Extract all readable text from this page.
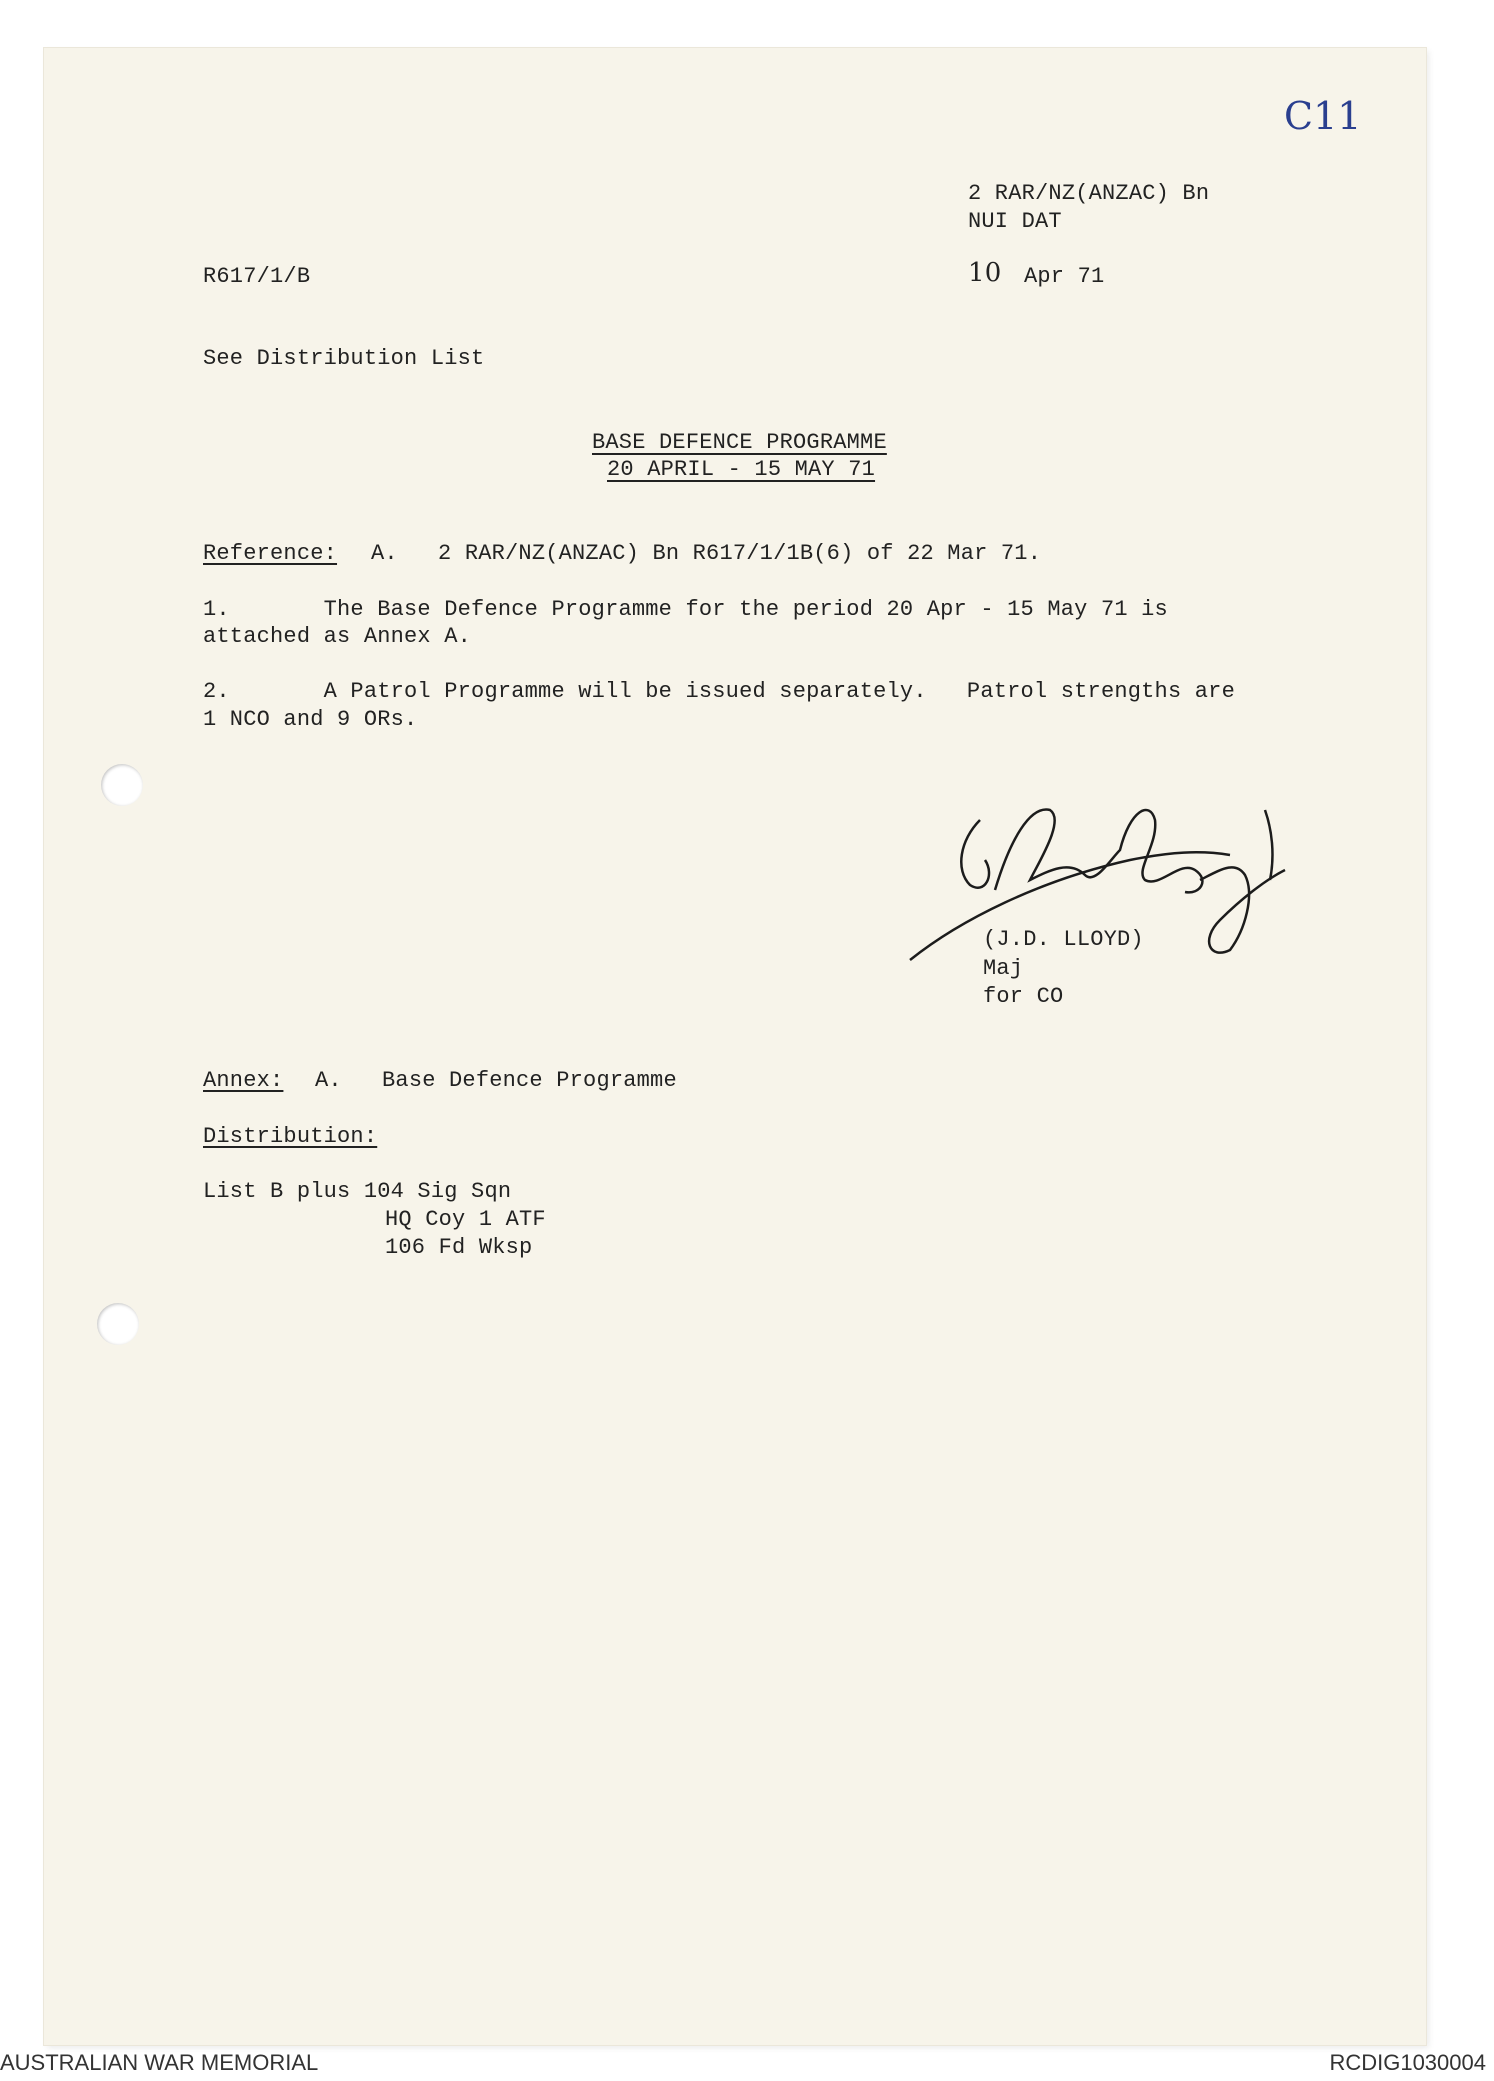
C11
2 RAR/NZ(ANZAC) Bn
NUI DAT
R617/1/B	10 Apr 71
See Distribution List
BASE DEFENCE PROGRAMME
20 APRIL - 15 MAY 71
Reference: A.   2 RAR/NZ(ANZAC) Bn R617/1/1B(6) of 22 Mar 71.
1.       The Base Defence Programme for the period 20 Apr - 15 May 71 is
attached as Annex A.
2.       A Patrol Programme will be issued separately.   Patrol strengths are
1 NCO and 9 ORs.
(J.D. LLOYD)
Maj
for CO
Annex: A.   Base Defence Programme
Distribution:
List B plus 104 Sig Sqn
HQ Coy 1 ATF
106 Fd Wksp
AUSTRALIAN WAR MEMORIAL	RCDIG1030004
